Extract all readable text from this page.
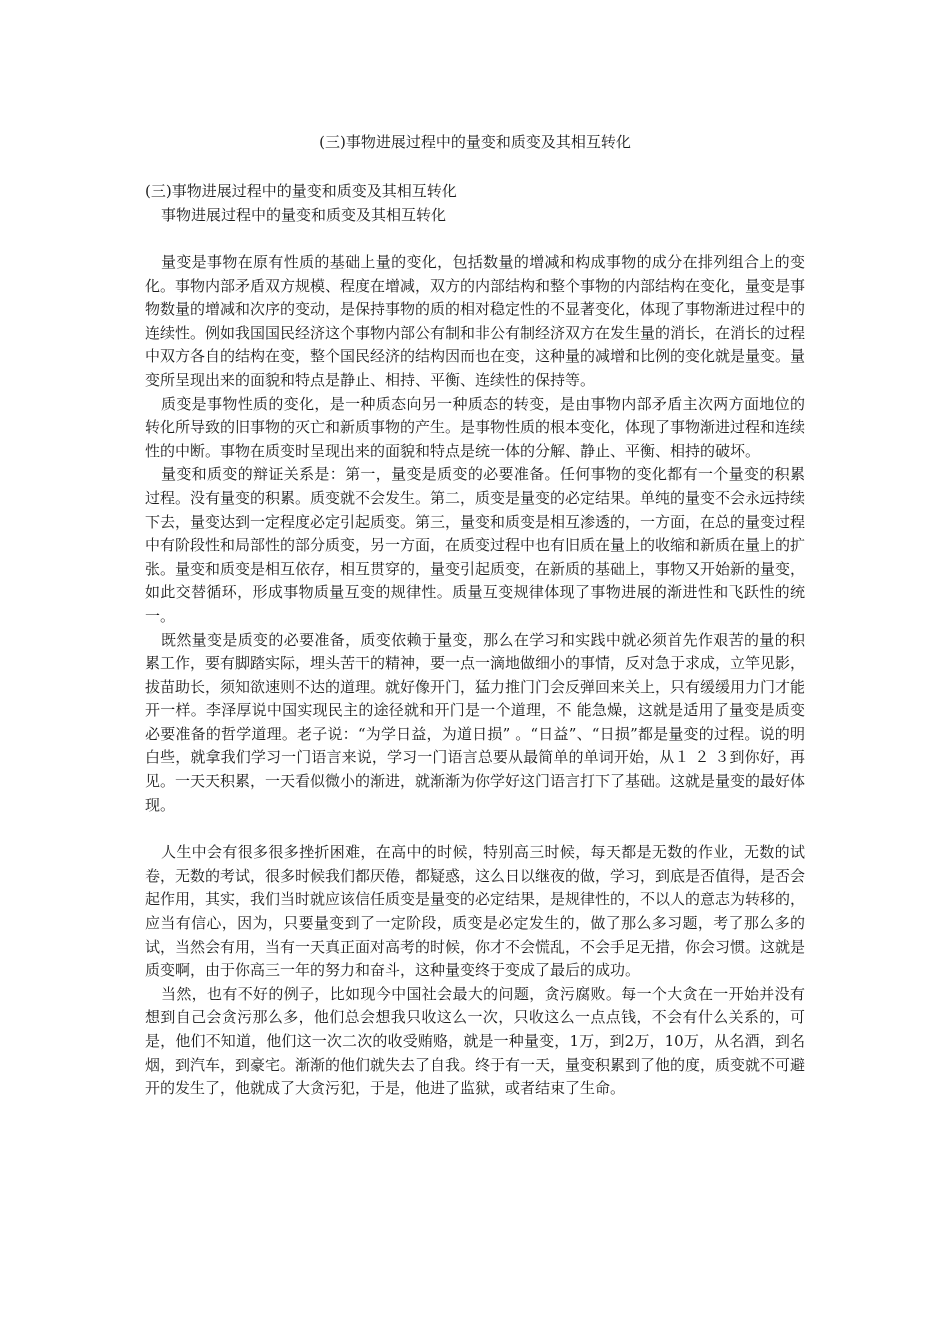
(三)事物进展过程中的量变和质变及其相互转化
(三)事物进展过程中的量变和质变及其相互转化
事物进展过程中的量变和质变及其相互转化

量变是事物在原有性质的基础上量的变化，包括数量的增减和构成事物的成分在排列组合上的变化。事物内部矛盾双方规模、程度在增减，双方的内部结构和整个事物的内部结构在变化，量变是事物数量的增减和次序的变动，是保持事物的质的相对稳定性的不显著变化，体现了事物渐进过程中的连续性。例如我国国民经济这个事物内部公有制和非公有制经济双方在发生量的消长，在消长的过程中双方各自的结构在变，整个国民经济的结构因而也在变，这种量的减增和比例的变化就是量变。量变所呈现出来的面貌和特点是静止、相持、平衡、连续性的保持等。

质变是事物性质的变化，是一种质态向另一种质态的转变，是由事物内部矛盾主次两方面地位的转化所导致的旧事物的灭亡和新质事物的产生。是事物性质的根本变化，体现了事物渐进过程和连续性的中断。事物在质变时呈现出来的面貌和特点是统一体的分解、静止、平衡、相持的破坏。

量变和质变的辩证关系是：第一，量变是质变的必要准备。任何事物的变化都有一个量变的积累过程。没有量变的积累。质变就不会发生。第二，质变是量变的必定结果。单纯的量变不会永远持续下去，量变达到一定程度必定引起质变。第三，量变和质变是相互渗透的，一方面，在总的量变过程中有阶段性和局部性的部分质变，另一方面，在质变过程中也有旧质在量上的收缩和新质在量上的扩张。量变和质变是相互依存，相互贯穿的，量变引起质变，在新质的基础上，事物又开始新的量变，如此交替循环，形成事物质量互变的规律性。质量互变规律体现了事物进展的渐进性和飞跃性的统一。

既然量变是质变的必要准备，质变依赖于量变，那么在学习和实践中就必须首先作艰苦的量的积累工作，要有脚踏实际，埋头苦干的精神，要一点一滴地做细小的事情，反对急于求成，立竿见影，拔苗助长，须知欲速则不达的道理。就好像开门，猛力推门门会反弹回来关上，只有缓缓用力门才能开一样。李泽厚说中国实现民主的途径就和开门是一个道理，不 能急燥，这就是适用了量变是质变必要准备的哲学道理。老子说：“为学日益，为道日损” 。“日益”、“日损”都是量变的过程。说的明白些，就拿我们学习一门语言来说，学习一门语言总要从最简单的单词开始，从１ ２ ３到你好，再见。一天天积累，一天看似微小的渐进，就渐渐为你学好这门语言打下了基础。这就是量变的最好体现。

人生中会有很多很多挫折困难，在高中的时候，特别高三时候，每天都是无数的作业，无数的试卷，无数的考试，很多时候我们都厌倦，都疑惑，这么日以继夜的做，学习，到底是否值得，是否会起作用，其实，我们当时就应该信任质变是量变的必定结果，是规律性的，不以人的意志为转移的，应当有信心，因为，只要量变到了一定阶段，质变是必定发生的，做了那么多习题，考了那么多的试，当然会有用，当有一天真正面对高考的时候，你才不会慌乱，不会手足无措，你会习惯。这就是质变啊，由于你高三一年的努力和奋斗，这种量变终于变成了最后的成功。

当然，也有不好的例子，比如现今中国社会最大的问题，贪污腐败。每一个大贪在一开始并没有想到自己会贪污那么多，他们总会想我只收这么一次，只收这么一点点钱，不会有什么关系的，可是，他们不知道，他们这一次二次的收受贿赂，就是一种量变，1万，到2万，10万，从名酒，到名烟，到汽车，到豪宅。渐渐的他们就失去了自我。终于有一天，量变积累到了他的度，质变就不可避开的发生了，他就成了大贪污犯，于是，他进了监狱，或者结束了生命。
